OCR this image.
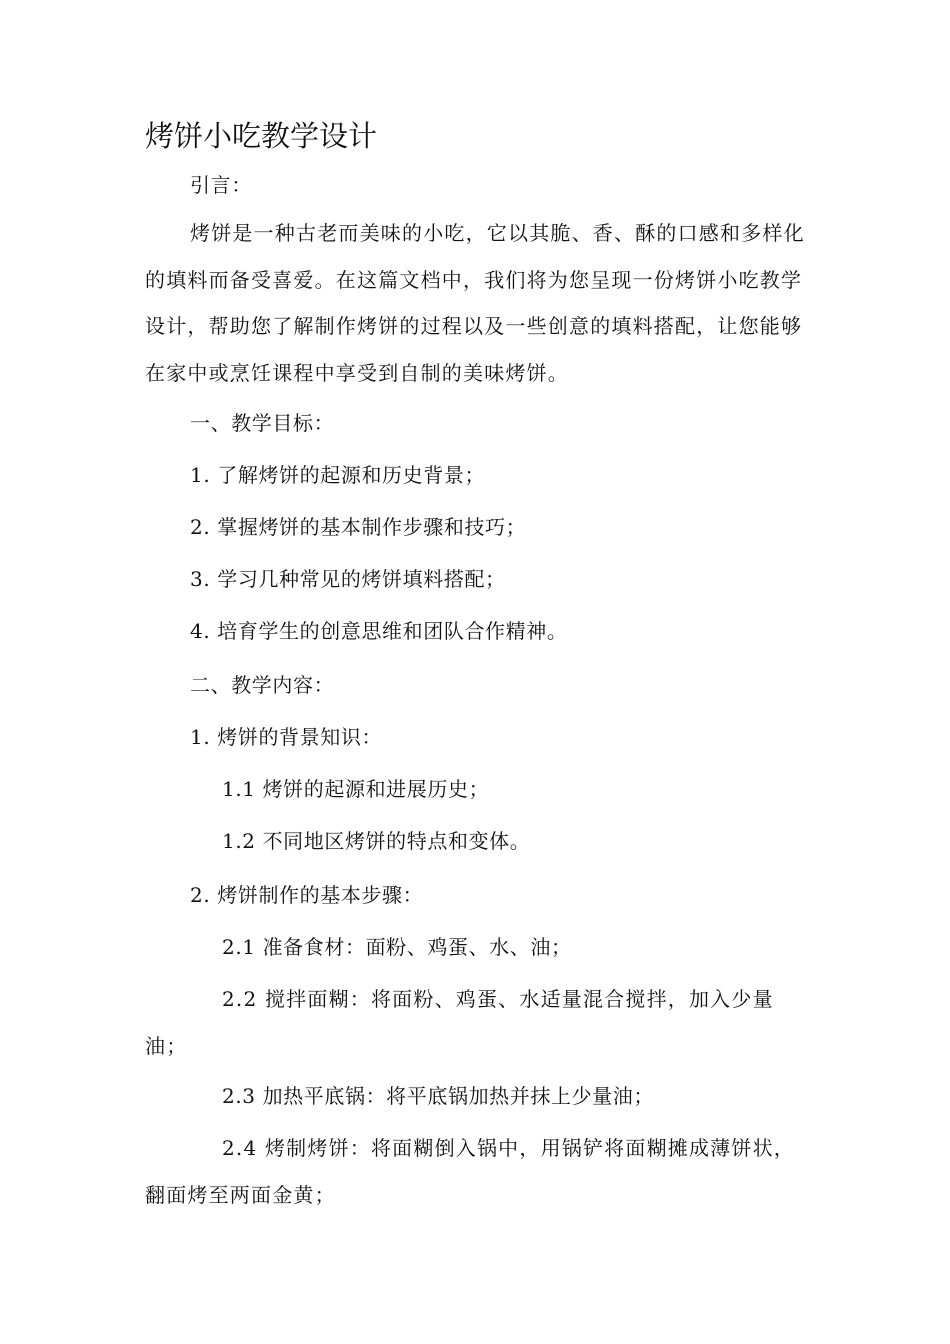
烤饼小吃教学设计
引言：
烤饼是一种古老而美味的小吃，它以其脆、香、酥的口感和多样化的填料而备受喜爱。在这篇文档中，我们将为您呈现一份烤饼小吃教学设计，帮助您了解制作烤饼的过程以及一些创意的填料搭配，让您能够在家中或烹饪课程中享受到自制的美味烤饼。
一、教学目标：
1. 了解烤饼的起源和历史背景；
2. 掌握烤饼的基本制作步骤和技巧；
3. 学习几种常见的烤饼填料搭配；
4. 培育学生的创意思维和团队合作精神。
二、教学内容：
1. 烤饼的背景知识：
1.1 烤饼的起源和进展历史；
1.2 不同地区烤饼的特点和变体。
2. 烤饼制作的基本步骤：
2.1 准备食材：面粉、鸡蛋、水、油；
2.2 搅拌面糊：将面粉、鸡蛋、水适量混合搅拌，加入少量油；
2.3 加热平底锅：将平底锅加热并抹上少量油；
2.4 烤制烤饼：将面糊倒入锅中，用锅铲将面糊摊成薄饼状，翻面烤至两面金黄；
